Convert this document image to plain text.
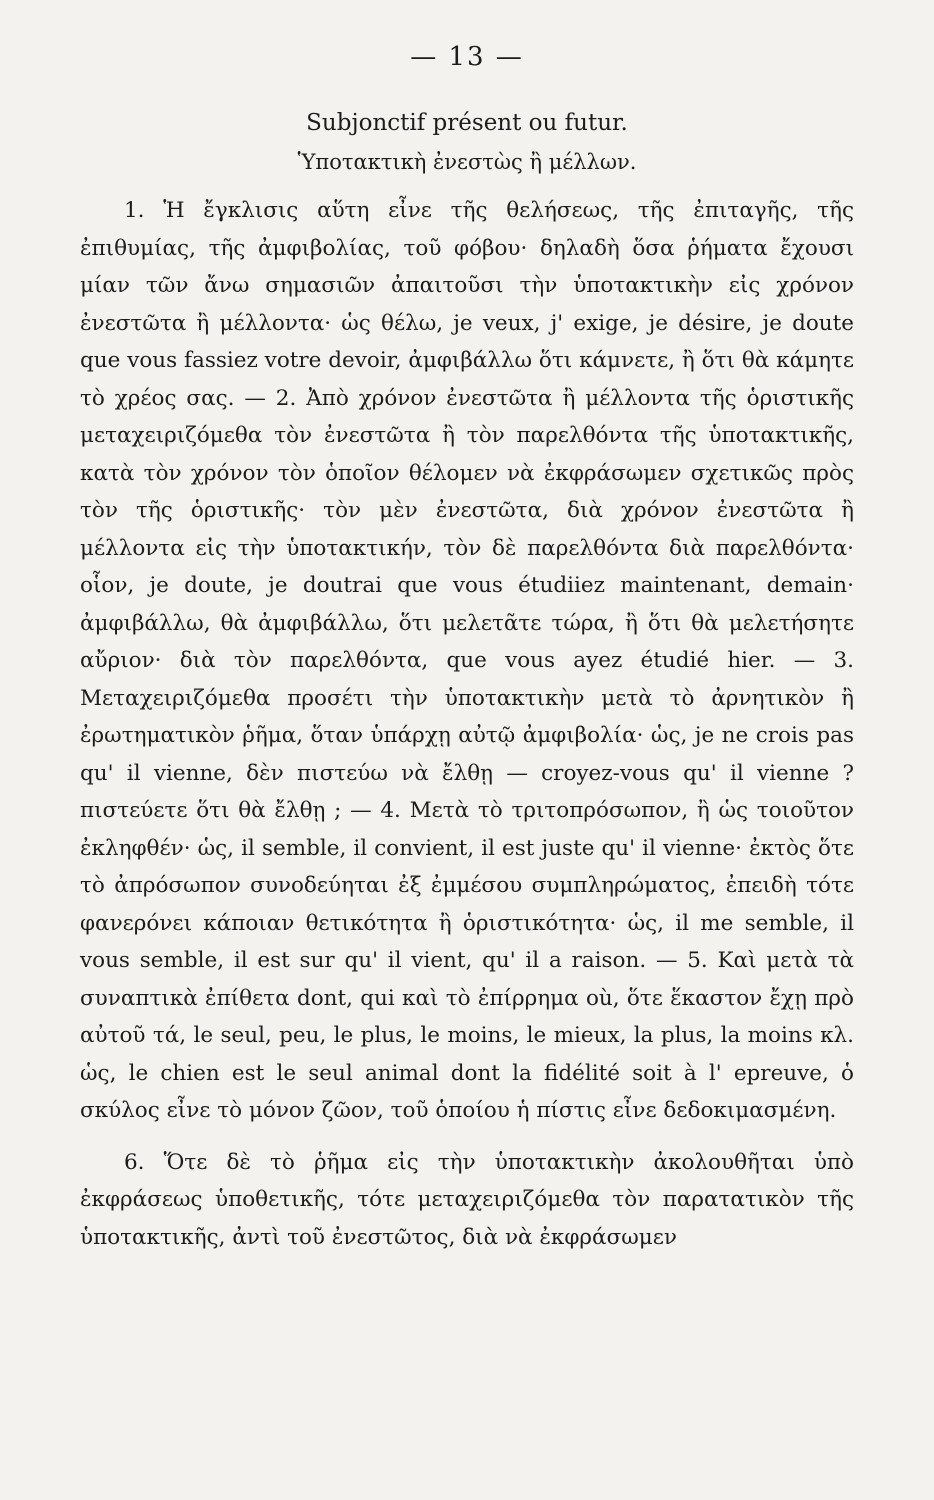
— 13 —
Subjonctif présent ou futur.
Ὑποτακτικὴ ἐνεστὼς ἢ μέλλων.

1. Ἡ ἔγκλισις αὕτη εἶνε τῆς θελήσεως, τῆς ἐπιταγῆς, τῆς ἐπιθυμίας, τῆς ἀμφιβολίας, τοῦ φόβου· δηλαδὴ ὅσα ῥήματα ἔχουσι μίαν τῶν ἄνω σημασιῶν ἀπαιτοῦσι τὴν ὑποτακτικὴν εἰς χρόνον ἐνεστῶτα ἢ μέλλοντα· ὡς θέλω, je veux, j' exige, je désire, je doute que vous fassiez votre devoir, ἀμφιβάλλω ὅτι κάμνετε, ἢ ὅτι θὰ κάμητε τὸ χρέος σας. — 2. Ἀπὸ χρόνον ἐνεστῶτα ἢ μέλλοντα τῆς ὁριστικῆς μεταχειριζόμεθα τὸν ἐνεστῶτα ἢ τὸν παρελθόντα τῆς ὑποτακτικῆς, κατὰ τὸν χρόνον τὸν ὁποῖον θέλομεν νὰ ἐκφράσωμεν σχετικῶς πρὸς τὸν τῆς ὁριστικῆς· τὸν μὲν ἐνεστῶτα, διὰ χρόνον ἐνεστῶτα ἢ μέλλοντα εἰς τὴν ὑποτακτικήν, τὸν δὲ παρελθόντα διὰ παρελθόντα· οἷον, je doute, je doutrai que vous étudiiez maintenant, demain· ἀμφιβάλλω, θὰ ἀμφιβάλλω, ὅτι μελετᾶτε τώρα, ἢ ὅτι θὰ μελετήσητε αὔριον· διὰ τὸν παρελθόντα, que vous ayez étudié hier. — 3. Μεταχειριζόμεθα προσέτι τὴν ὑποτακτικὴν μετὰ τὸ ἀρνητικὸν ἢ ἐρωτηματικὸν ῥῆμα, ὅταν ὑπάρχῃ αὐτῷ ἀμφιβολία· ὡς, je ne crois pas qu' il vienne, δὲν πιστεύω νὰ ἔλθῃ — croyez-vous qu' il vienne ? πιστεύετε ὅτι θὰ ἔλθῃ ; — 4. Μετὰ τὸ τριτοπρόσωπον, ἢ ὡς τοιοῦτον ἐκληφθέν· ὡς, il semble, il convient, il est juste qu' il vienne· ἐκτὸς ὅτε τὸ ἀπρόσωπον συνοδεύηται ἐξ ἐμμέσου συμπληρώματος, ἐπειδὴ τότε φανερόνει κάποιαν θετικότητα ἢ ὁριστικότητα· ὡς, il me semble, il vous semble, il est sur qu' il vient, qu' il a raison. — 5. Καὶ μετὰ τὰ συναπτικὰ ἐπίθετα dont, qui καὶ τὸ ἐπίρρημα où, ὅτε ἕκαστον ἔχῃ πρὸ αὐτοῦ τά, le seul, peu, le plus, le moins, le mieux, la plus, la moins κλ. ὡς, le chien est le seul animal dont la fidélité soit à l' epreuve, ὁ σκύλος εἶνε τὸ μόνον ζῶον, τοῦ ὁποίου ἡ πίστις εἶνε δεδοκιμασμένη.

6. Ὅτε δὲ τὸ ῥῆμα εἰς τὴν ὑποτακτικὴν ἀκολουθῆται ὑπὸ ἐκφράσεως ὑποθετικῆς, τότε μεταχειριζόμεθα τὸν παρατατικὸν τῆς ὑποτακτικῆς, ἀντὶ τοῦ ἐνεστῶτος, διὰ νὰ ἐκφράσωμεν
